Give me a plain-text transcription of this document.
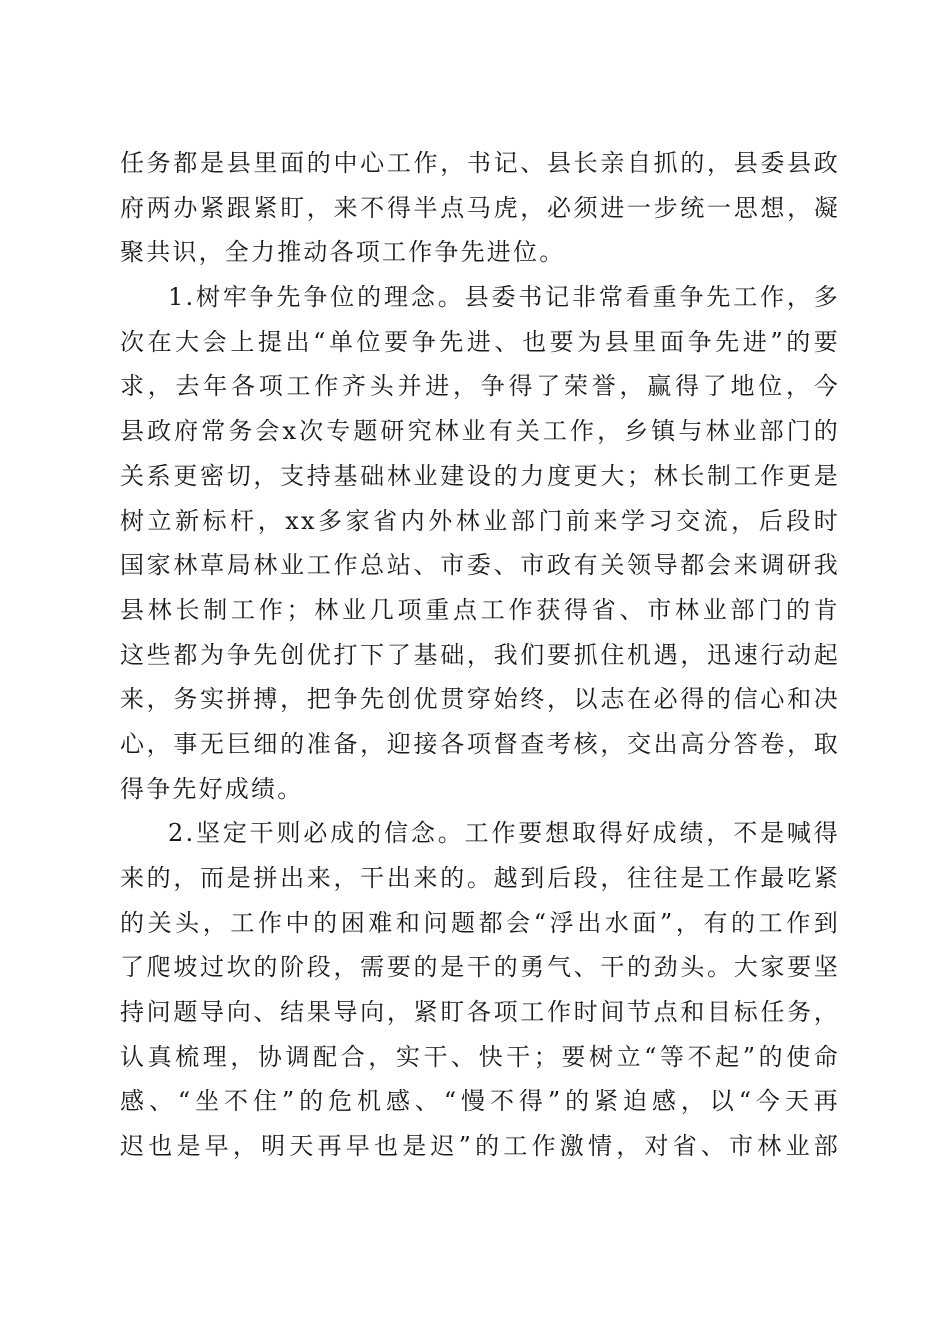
任务都是县里面的中心工作，书记、县长亲自抓的，县委县政
府两办紧跟紧盯，来不得半点马虎，必须进一步统一思想，凝
聚共识，全力推动各项工作争先进位。
1.树牢争先争位的理念。县委书记非常看重争先工作，多
次在大会上提出“单位要争先进、也要为县里面争先进”的要
求，去年各项工作齐头并进，争得了荣誉，赢得了地位，今
县政府常务会x次专题研究林业有关工作，乡镇与林业部门的
关系更密切，支持基础林业建设的力度更大；林长制工作更是
树立新标杆，xx多家省内外林业部门前来学习交流，后段时
国家林草局林业工作总站、市委、市政有关领导都会来调研我
县林长制工作；林业几项重点工作获得省、市林业部门的肯
这些都为争先创优打下了基础，我们要抓住机遇，迅速行动起
来，务实拼搏，把争先创优贯穿始终，以志在必得的信心和决
心，事无巨细的准备，迎接各项督查考核，交出高分答卷，取
得争先好成绩。
2.坚定干则必成的信念。工作要想取得好成绩，不是喊得
来的，而是拼出来，干出来的。越到后段，往往是工作最吃紧
的关头，工作中的困难和问题都会“浮出水面”，有的工作到
了爬坡过坎的阶段，需要的是干的勇气、干的劲头。大家要坚
持问题导向、结果导向，紧盯各项工作时间节点和目标任务，
认真梳理，协调配合，实干、快干；要树立“等不起”的使命
感、“坐不住”的危机感、“慢不得”的紧迫感，以“今天再
迟也是早，明天再早也是迟”的工作激情，对省、市林业部
